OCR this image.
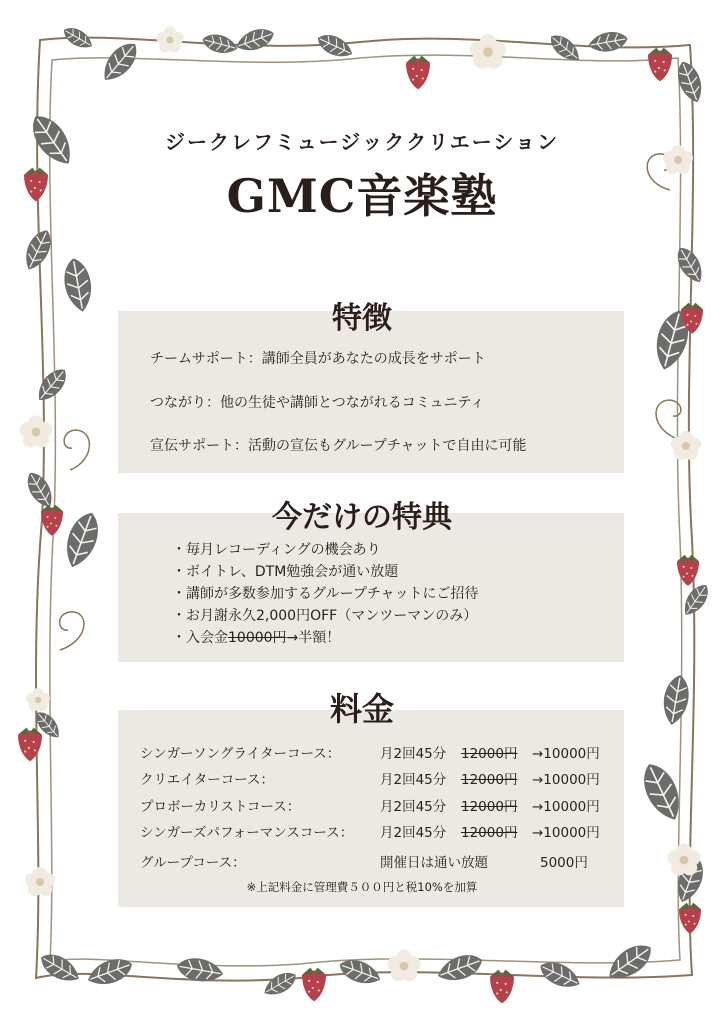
ジークレフミュージッククリエーション
GMC音楽塾
特徴
チームサポート：講師全員があなたの成長をサポート
つながり：他の生徒や講師とつながれるコミュニティ
宣伝サポート：活動の宣伝もグループチャットで自由に可能
今だけの特典
・毎月レコーディングの機会あり
・ボイトレ、DTM勉強会が通い放題
・講師が多数参加するグループチャットにご招待
・お月謝永久2,000円OFF（マンツーマンのみ）
・入会金10000円→半額！
料金
シンガーソングライターコース：	月2回45分 12000円 →10000円
クリエイターコース：	月2回45分 12000円 →10000円
プロボーカリストコース：	月2回45分 12000円 →10000円
シンガーズパフォーマンスコース： 月2回45分 12000円 →10000円
グループコース：	開催日は通い放題	5000円
※上記料金に管理費５００円と税10%を加算
